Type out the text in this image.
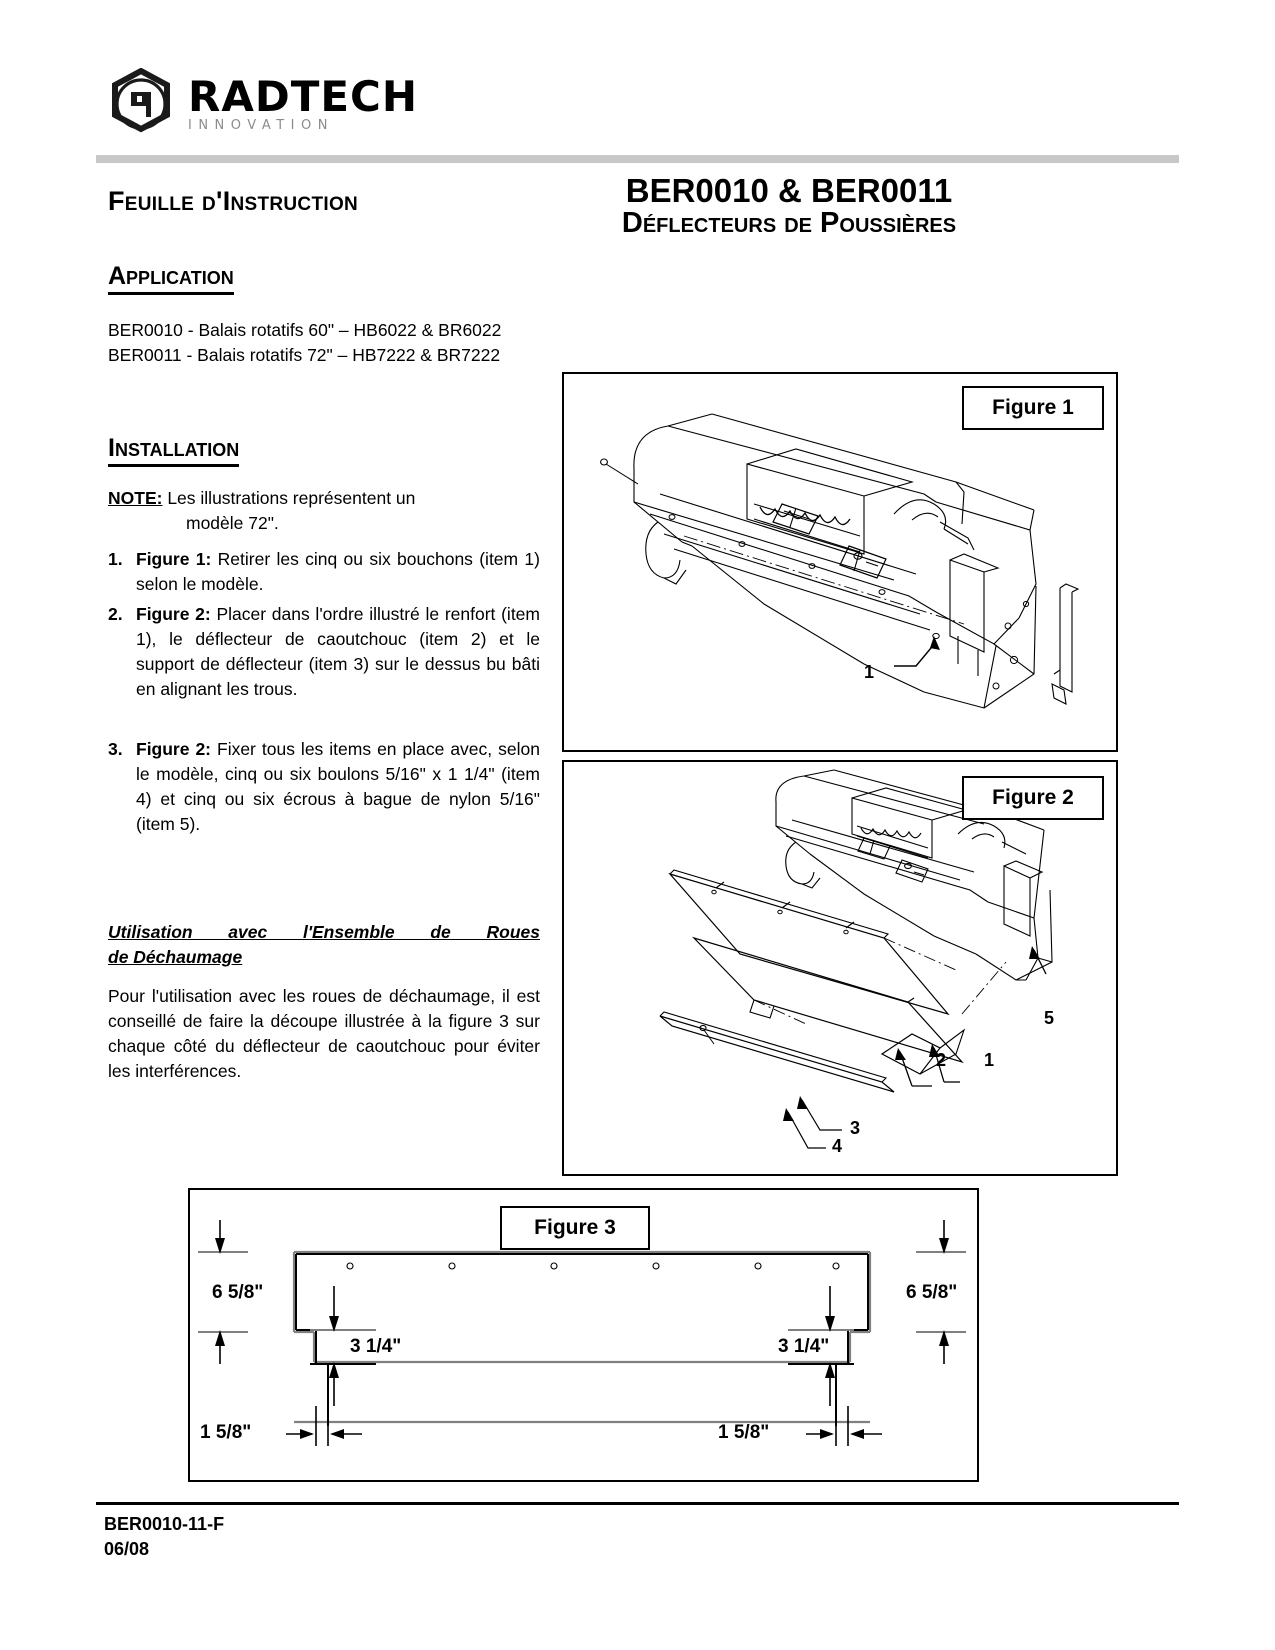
RADTECH
INNOVATION
Feuille d'Instruction	BER0010 & BER0011
Déflecteurs de Poussières
Application
BER0010 - Balais rotatifs 60" – HB6022 & BR6022
BER0011 - Balais rotatifs 72" – HB7222 & BR7222
Installation
NOTE: Les illustrations représentent un
modèle 72".
1. Figure 1: Retirer les cinq ou six bouchons (item 1) selon le modèle.
2. Figure 2: Placer dans l'ordre illustré le renfort (item 1), le déflecteur de caoutchouc (item 2) et le support de déflecteur (item 3) sur le dessus bu bâti en alignant les trous.
3. Figure 2: Fixer tous les items en place avec, selon le modèle, cinq ou six boulons 5/16" x 1 1/4" (item 4) et cinq ou six écrous à bague de nylon 5/16" (item 5).
Utilisation avec l'Ensemble de Roues
de Déchaumage
Pour l'utilisation avec les roues de déchaumage, il est conseillé de faire la découpe illustrée à la figure 3 sur chaque côté du déflecteur de caoutchouc pour éviter les interférences.
1
Figure 1
5
2 1
3
4
Figure 2
6 5/8"
3 1/4"
1 5/8"
6 5/8"
3 1/4"
1 5/8"
Figure 3
BER0010-11-F
06/08
